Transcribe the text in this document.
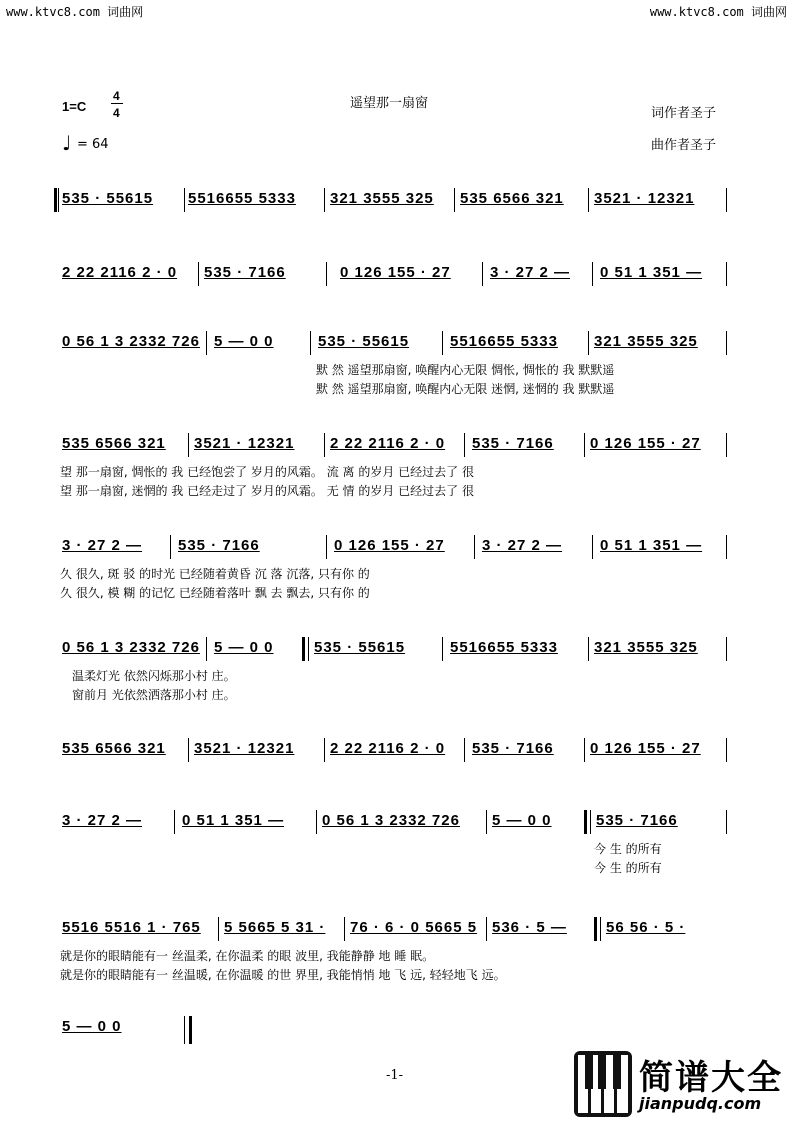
www.ktvc8.com 词曲网	www.ktvc8.com 词曲网
遥望那一扇窗
1=C
4
4
♩ = 64
词作者圣子
曲作者圣子
535 · 55615 5516655 5333 321 3555 325 535 6566 321 3521 · 12321
2 22 2116 2 · 0 535 · 7166	0 126 155 · 27	3 · 27 2 — 0 51 1 351 —
0 56 1 3 2332 726 5 — 0 0	535 · 55615	5516655 5333 321 3555 325
默 然 遥望那扇窗, 唤醒内心无限 惆怅, 惆怅的 我 默默遥
默 然 遥望那扇窗, 唤醒内心无限 迷惘, 迷惘的 我 默默遥
535 6566 321 3521 · 12321 2 22 2116 2 · 0 535 · 7166 0 126 155 · 27
望 那一扇窗, 惆怅的 我 已经饱尝了 岁月的风霜。 流 离 的岁月 已经过去了 很
望 那一扇窗, 迷惘的 我 已经走过了 岁月的风霜。 无 情 的岁月 已经过去了 很
3 · 27 2 — 535 · 7166	0 126 155 · 27 3 · 27 2 —	0 51 1 351 —
久 很久, 斑 驳 的时光 已经随着黄昏 沉 落 沉落, 只有你 的
久 很久, 模 糊 的记忆 已经随着落叶 飘 去 飘去, 只有你 的
0 56 1 3 2332 726 5 — 0 0	535 · 55615	5516655 5333 321 3555 325
温柔灯光 依然闪烁那小村 庄。
窗前月 光依然洒落那小村 庄。
535 6566 321 3521 · 12321 2 22 2116 2 · 0 535 · 7166 0 126 155 · 27
3 · 27 2 —	0 51 1 351 —	0 56 1 3 2332 726 5 — 0 0	535 · 7166
今 生 的所有
今 生 的所有
5516 5516 1 · 765 5 5665 5 31 · 76 · 6 · 0 5665 5 536 · 5 —	56 56 · 5 ·
就是你的眼睛能有一 丝温柔, 在你温柔 的眼 波里, 我能静静 地 睡 眠。
就是你的眼睛能有一 丝温暖, 在你温暖 的世 界里, 我能悄悄 地 飞 远, 轻轻地飞 远。
5 — 0 0
-1-	简谱大全
jianpudq.com
